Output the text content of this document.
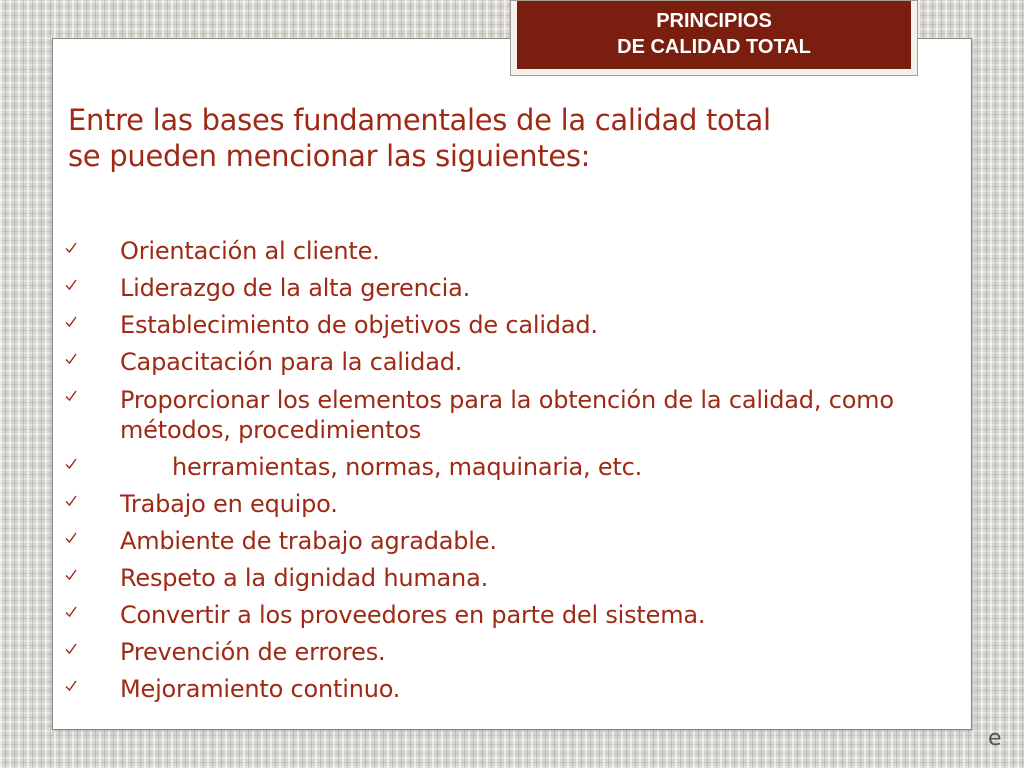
PRINCIPIOS
DE CALIDAD TOTAL
Entre las bases fundamentales de la calidad total
se pueden mencionar las siguientes:
Orientación al cliente.
Liderazgo de la alta gerencia.
Establecimiento de objetivos de calidad.
Capacitación para la calidad.
Proporcionar los elementos para la obtención de la calidad, como métodos, procedimientos
herramientas, normas, maquinaria, etc.
Trabajo en equipo.
Ambiente de trabajo agradable.
Respeto a la dignidad humana.
Convertir a los proveedores en parte del sistema.
Prevención de errores.
Mejoramiento continuo.
e
